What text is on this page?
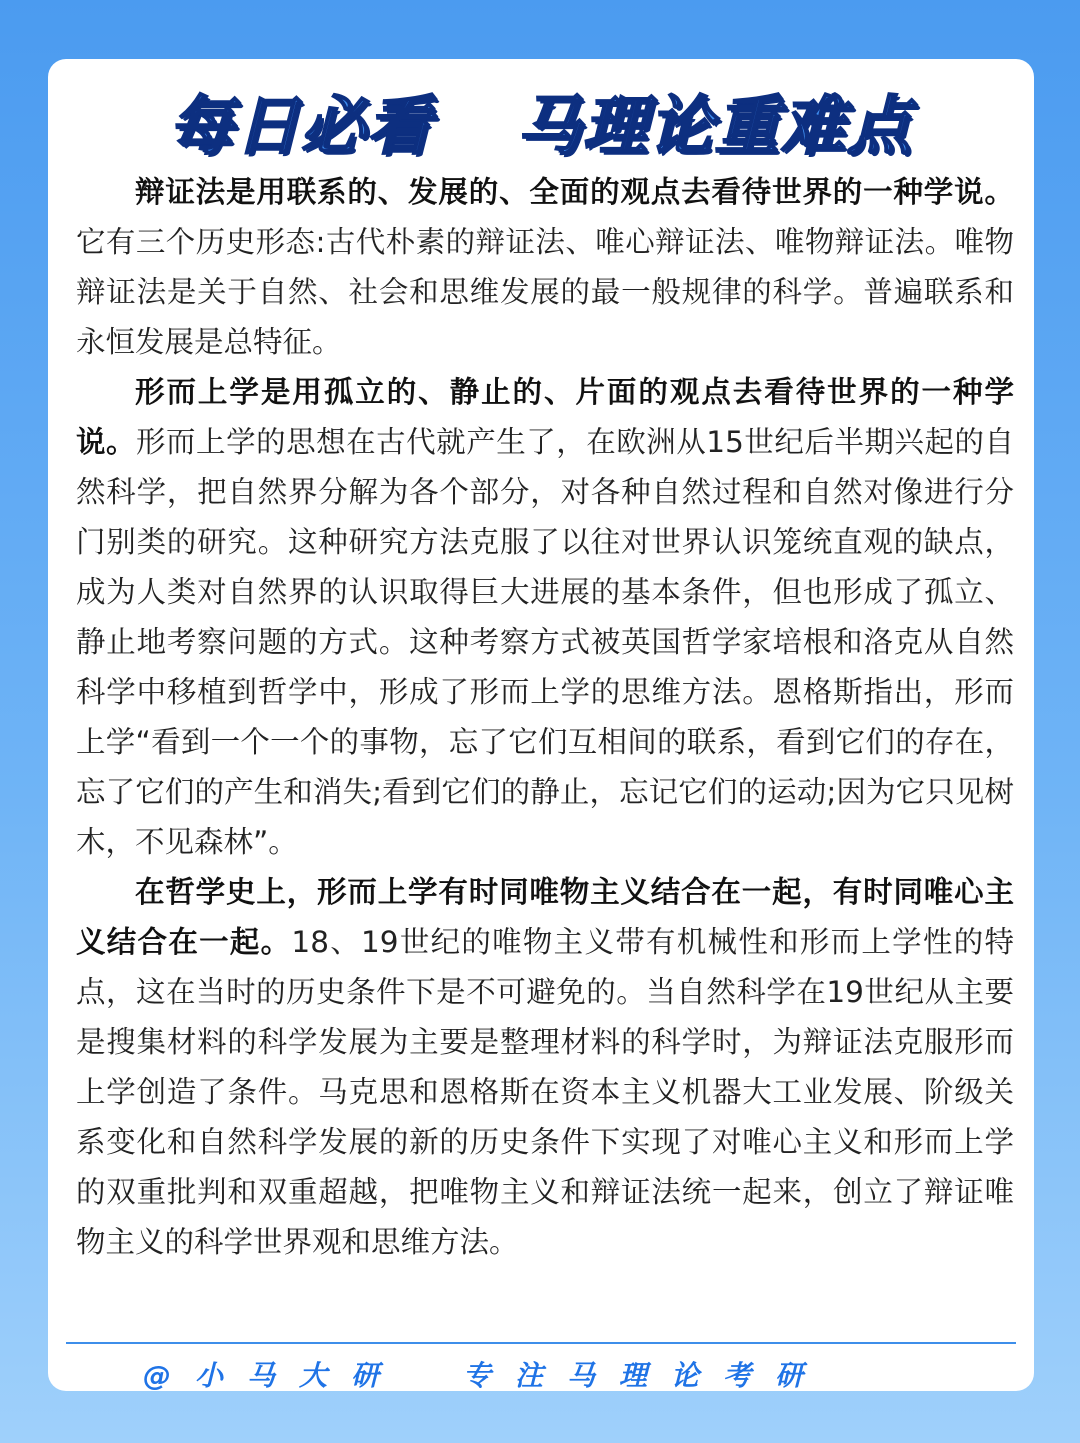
每日必看 马理论重难点

辩证法是用联系的、发展的、全面的观点去看待世界的一种学说。它有三个历史形态:古代朴素的辩证法、唯心辩证法、唯物辩证法。唯物辩证法是关于自然、社会和思维发展的最一般规律的科学。普遍联系和永恒发展是总特征。

形而上学是用孤立的、静止的、片面的观点去看待世界的一种学说。形而上学的思想在古代就产生了，在欧洲从15世纪后半期兴起的自然科学，把自然界分解为各个部分，对各种自然过程和自然对像进行分门别类的研究。这种研究方法克服了以往对世界认识笼统直观的缺点，成为人类对自然界的认识取得巨大进展的基本条件，但也形成了孤立、静止地考察问题的方式。这种考察方式被英国哲学家培根和洛克从自然科学中移植到哲学中，形成了形而上学的思维方法。恩格斯指出，形而上学“看到一个一个的事物，忘了它们互相间的联系，看到它们的存在，忘了它们的产生和消失;看到它们的静止，忘记它们的运动;因为它只见树木，不见森林”。

在哲学史上，形而上学有时同唯物主义结合在一起，有时同唯心主义结合在一起。18、19世纪的唯物主义带有机械性和形而上学性的特点，这在当时的历史条件下是不可避免的。当自然科学在19世纪从主要是搜集材料的科学发展为主要是整理材料的科学时，为辩证法克服形而上学创造了条件。马克思和恩格斯在资本主义机器大工业发展、阶级关系变化和自然科学发展的新的历史条件下实现了对唯心主义和形而上学的双重批判和双重超越，把唯物主义和辩证法统一起来，创立了辩证唯物主义的科学世界观和思维方法。

@小马大研 专注马理论考研
